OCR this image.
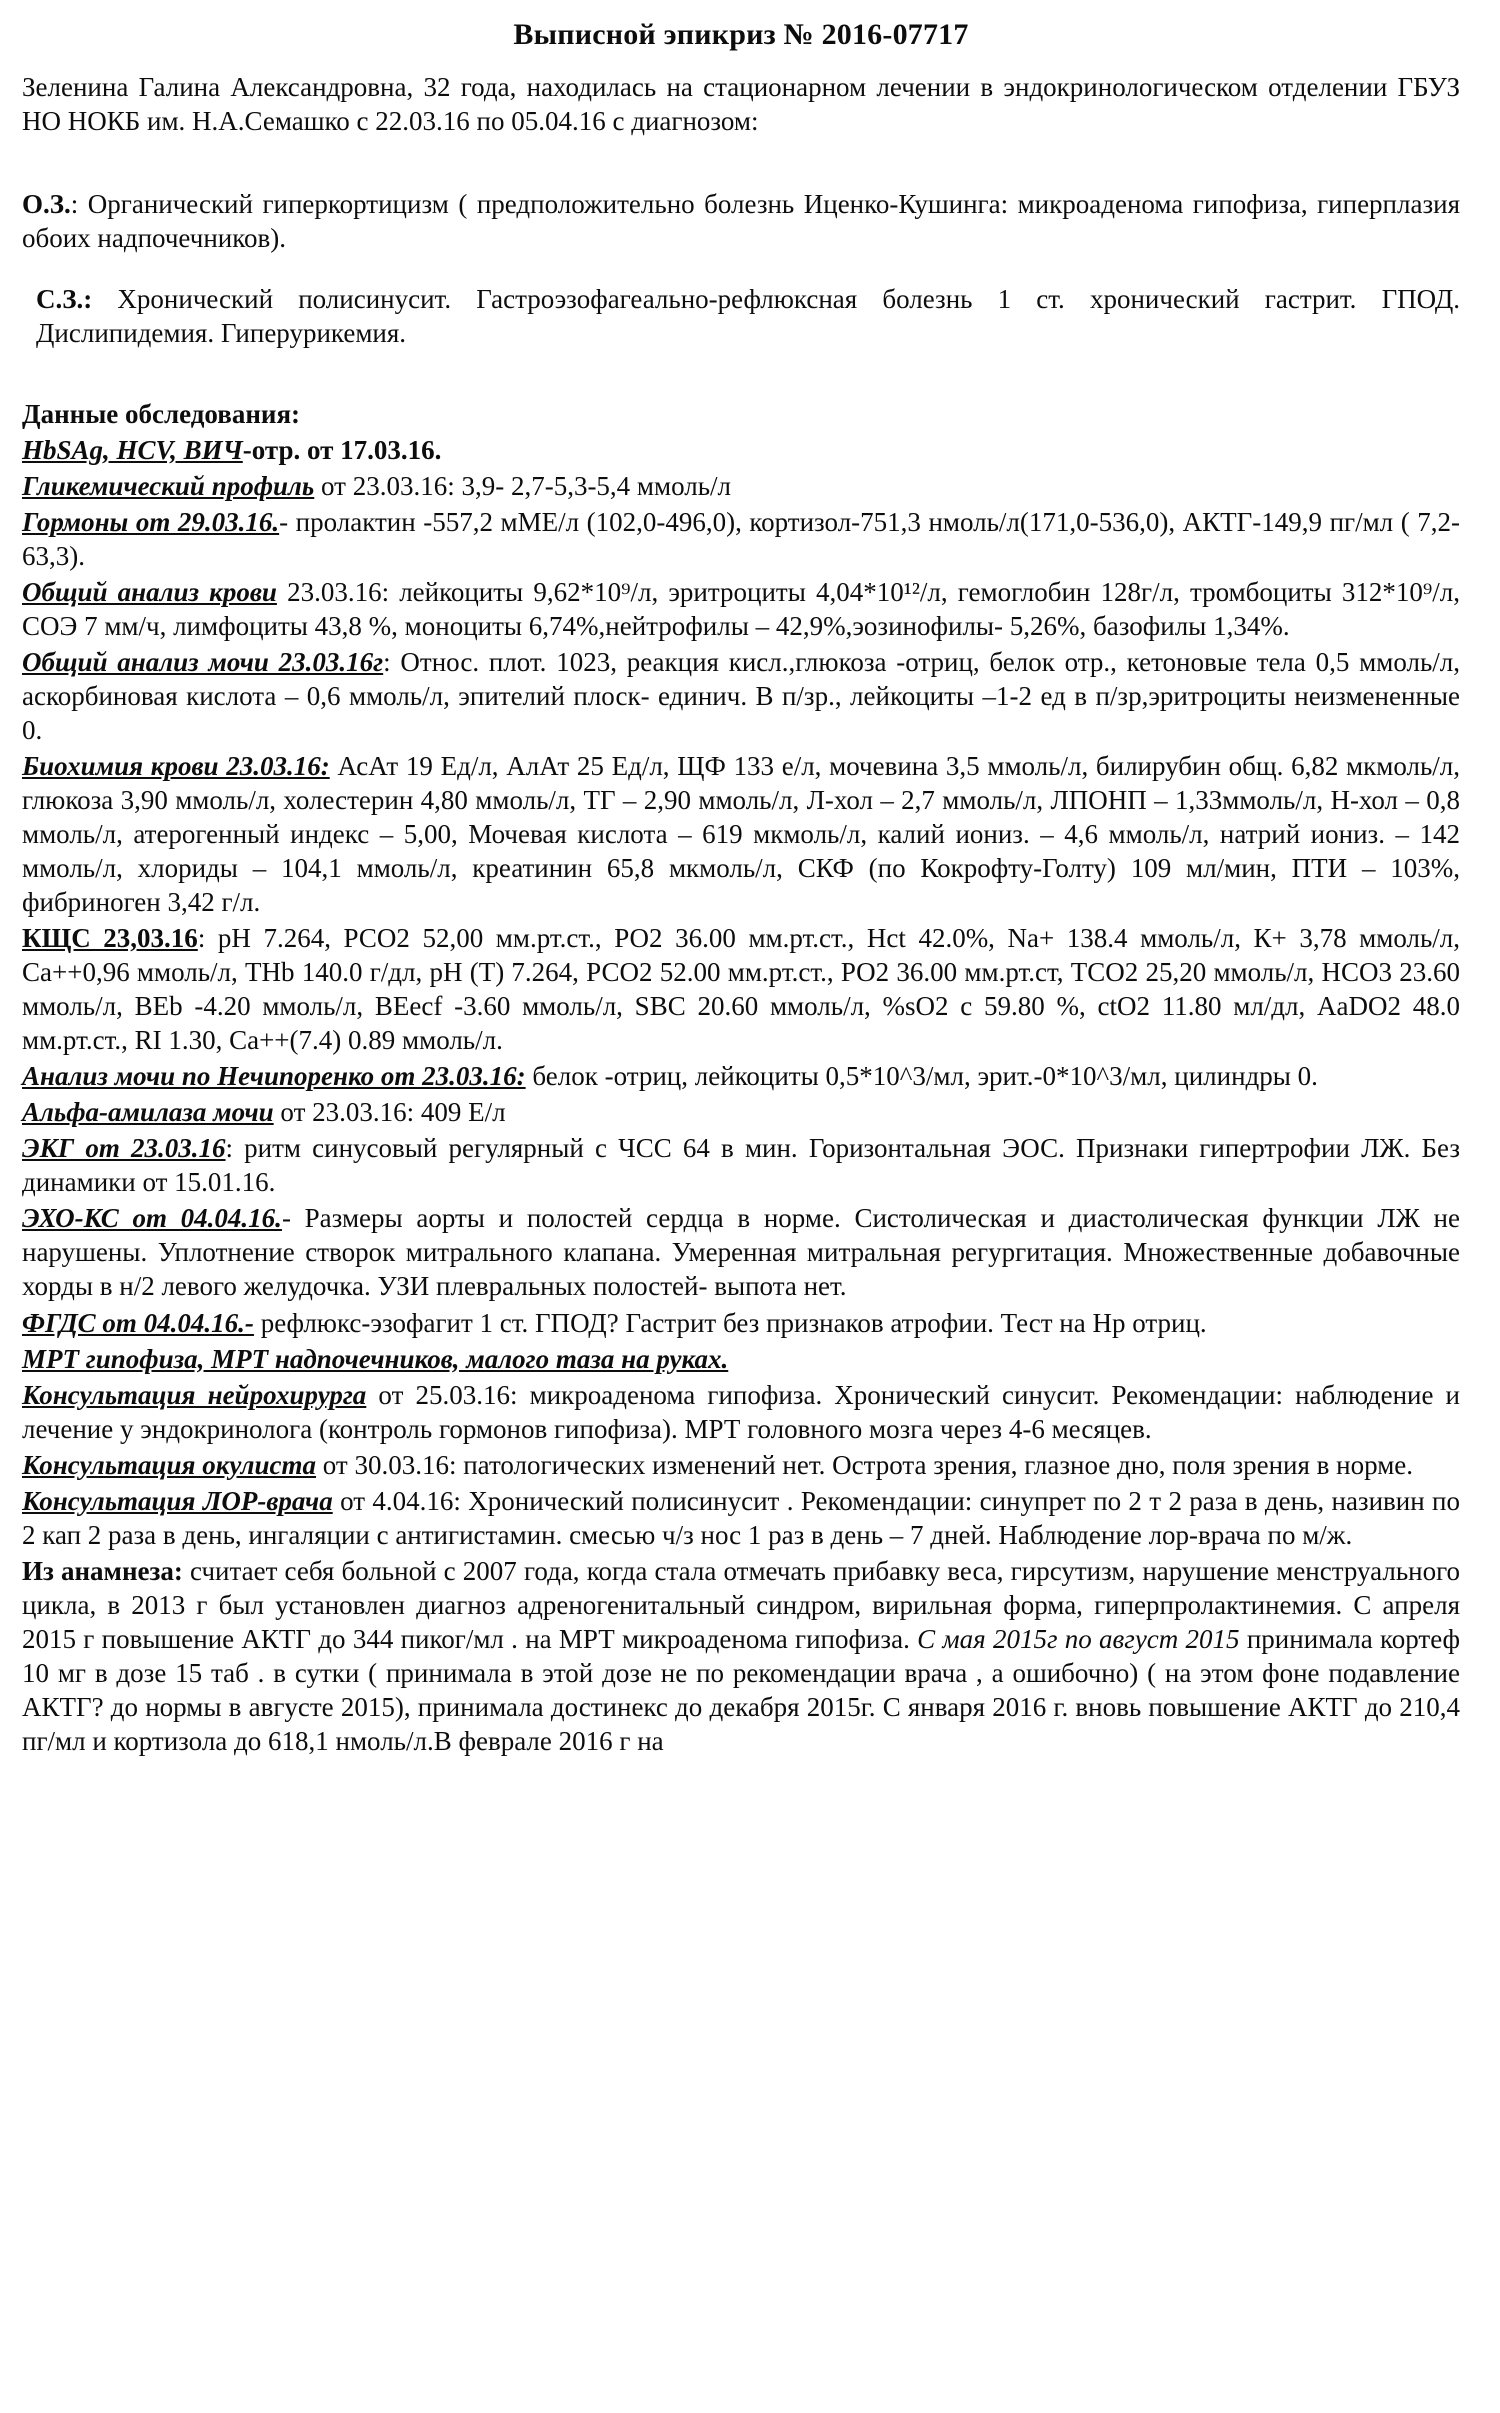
Выписной эпикриз № 2016-07717

Зеленина Галина Александровна, 32 года, находилась на стационарном лечении в эндокринологическом отделении ГБУЗ НО НОКБ им. Н.А.Семашко с 22.03.16 по 05.04.16 с диагнозом:

О.З.: Органический гиперкортицизм ( предположительно болезнь Иценко-Кушинга: микроаденома гипофиза, гиперплазия обоих надпочечников).

С.З.: Хронический полисинусит. Гастроэзофагеально-рефлюксная болезнь 1 ст. хронический гастрит. ГПОД. Дислипидемия. Гиперурикемия.

Данные обследования:

HbSAg, HCV, ВИЧ-отр. от 17.03.16.

Гликемический профиль от 23.03.16: 3,9- 2,7-5,3-5,4 ммоль/л

Гормоны от 29.03.16.- пролактин -557,2 мМЕ/л (102,0-496,0), кортизол-751,3 нмоль/л(171,0-536,0), АКТГ-149,9 пг/мл ( 7,2-63,3).

Общий анализ крови 23.03.16: лейкоциты 9,62*10⁹/л, эритроциты 4,04*10¹²/л, гемоглобин 128г/л, тромбоциты 312*10⁹/л, СОЭ 7 мм/ч, лимфоциты 43,8 %, моноциты 6,74%,нейтрофилы – 42,9%,эозинофилы- 5,26%, базофилы 1,34%.

Общий анализ мочи 23.03.16г: Относ. плот. 1023, реакция кисл.,глюкоза -отриц, белок отр., кетоновые тела 0,5 ммоль/л, аскорбиновая кислота – 0,6 ммоль/л, эпителий плоск- единич. В п/зр., лейкоциты –1-2 ед в п/зр,эритроциты неизмененные 0.

Биохимия крови 23.03.16: АсАт 19 Ед/л, АлАт 25 Ед/л, ЩФ 133 е/л, мочевина 3,5 ммоль/л, билирубин общ. 6,82 мкмоль/л, глюкоза 3,90 ммоль/л, холестерин 4,80 ммоль/л, ТГ – 2,90 ммоль/л, Л-хол – 2,7 ммоль/л, ЛПОНП – 1,33ммоль/л, Н-хол – 0,8 ммоль/л, атерогенный индекс – 5,00, Мочевая кислота – 619 мкмоль/л, калий иониз. – 4,6 ммоль/л, натрий иониз. – 142 ммоль/л, хлориды – 104,1 ммоль/л, креатинин 65,8 мкмоль/л, СКФ (по Кокрофту-Голту) 109 мл/мин, ПТИ – 103%, фибриноген 3,42 г/л.

КЩС 23,03.16: рН 7.264, РСО2 52,00 мм.рт.ст., РО2 36.00 мм.рт.ст., Нct 42.0%, Na+ 138.4 ммоль/л, К+ 3,78 ммоль/л, Са++0,96 ммоль/л, ТНb 140.0 г/дл, рН (Т) 7.264, РСО2 52.00 мм.рт.ст., РО2 36.00 мм.рт.ст, ТСО2 25,20 ммоль/л, НСО3 23.60 ммоль/л, ВЕb -4.20 ммоль/л, ВЕecf -3.60 ммоль/л, SBC 20.60 ммоль/л, %sO2 с 59.80 %, ctO2 11.80 мл/дл, AaDO2 48.0 мм.рт.ст., RI 1.30, Ca++(7.4) 0.89 ммоль/л.

Анализ мочи по Нечипоренко от 23.03.16: белок -отриц, лейкоциты 0,5*10^3/мл, эрит.-0*10^3/мл, цилиндры 0.

Альфа-амилаза мочи от 23.03.16: 409 Е/л

ЭКГ от 23.03.16: ритм синусовый регулярный с ЧСС 64 в мин. Горизонтальная ЭОС. Признаки гипертрофии ЛЖ. Без динамики от 15.01.16.

ЭХО-КС от 04.04.16.- Размеры аорты и полостей сердца в норме. Систолическая и диастолическая функции ЛЖ не нарушены. Уплотнение створок митрального клапана. Умеренная митральная регургитация. Множественные добавочные хорды в н/2 левого желудочка. УЗИ плевральных полостей- выпота нет.

ФГДС от 04.04.16.- рефлюкс-эзофагит 1 ст. ГПОД? Гастрит без признаков атрофии. Тест на Нр отриц.

МРТ гипофиза, МРТ надпочечников, малого таза на руках.

Консультация нейрохирурга от 25.03.16: микроаденома гипофиза. Хронический синусит. Рекомендации: наблюдение и лечение у эндокринолога (контроль гормонов гипофиза). МРТ головного мозга через 4-6 месяцев.

Консультация окулиста от 30.03.16: патологических изменений нет. Острота зрения, глазное дно, поля зрения в норме.

Консультация ЛОР-врача от 4.04.16: Хронический полисинусит . Рекомендации: синупрет по 2 т 2 раза в день, називин по 2 кап 2 раза в день, ингаляции с антигистамин. смесью ч/з нос 1 раз в день – 7 дней. Наблюдение лор-врача по м/ж.

Из анамнеза: считает себя больной с 2007 года, когда стала отмечать прибавку веса, гирсутизм, нарушение менструального цикла, в 2013 г был установлен диагноз адреногенитальный синдром, вирильная форма, гиперпролактинемия. С апреля 2015 г повышение АКТГ до 344 пиког/мл . на МРТ микроаденома гипофиза. С мая 2015г по август 2015 принимала кортеф 10 мг в дозе 15 таб . в сутки ( принимала в этой дозе не по рекомендации врача , а ошибочно) ( на этом фоне подавление АКТГ? до нормы в августе 2015), принимала достинекс до декабря 2015г. С января 2016 г. вновь повышение АКТГ до 210,4 пг/мл и кортизола до 618,1 нмоль/л.В феврале 2016 г на
